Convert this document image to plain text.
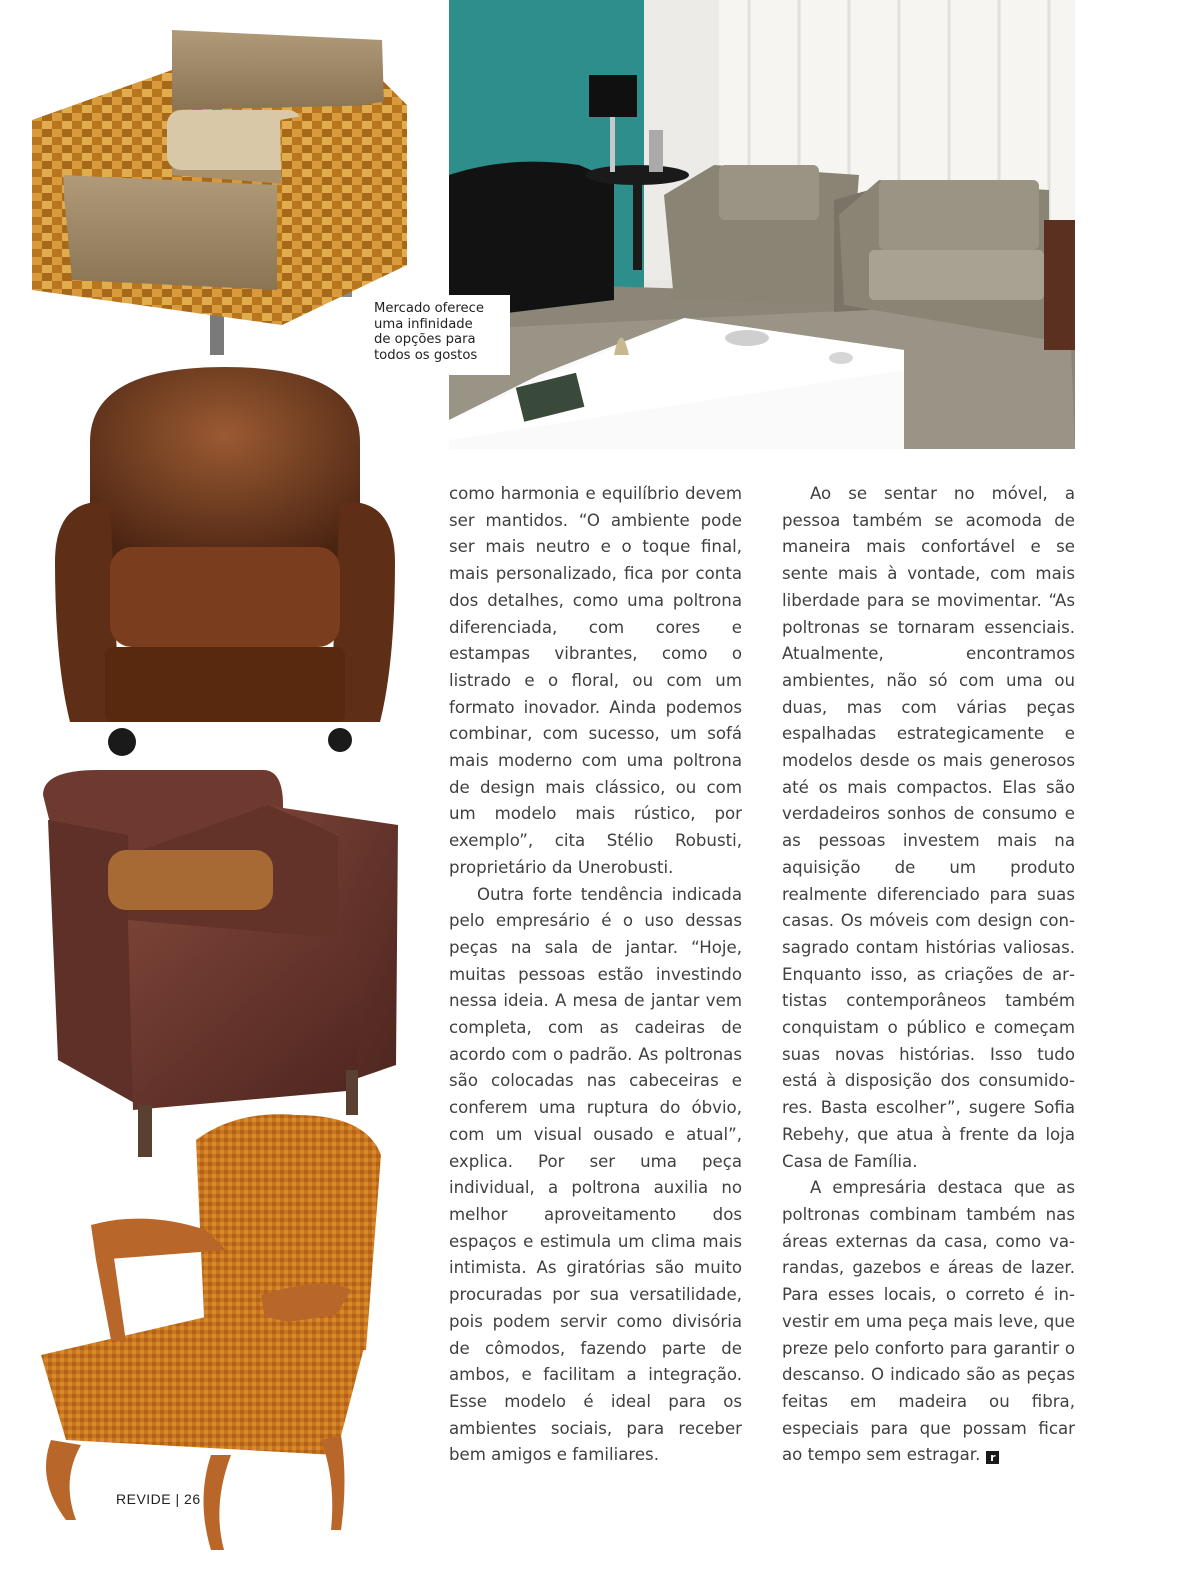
Mercado oferece
uma infinidade
de opções para
todos os gostos

como harmonia e equilíbrio devem ser mantidos. “O ambiente pode ser mais neutro e o toque final, mais personalizado, fica por conta dos detalhes, como uma poltrona diferenciada, com cores e estampas vibrantes, como o listrado e o floral, ou com um formato inovador. Ainda podemos combinar, com sucesso, um sofá mais moderno com uma poltrona de design mais clássico, ou com um modelo mais rústico, por exemplo”, cita Stélio Robusti, proprietário da Unerobusti.

Outra forte tendência indicada pelo empresário é o uso dessas peças na sala de jantar. “Hoje, muitas pessoas estão investindo nessa ideia. A mesa de jantar vem completa, com as cadeiras de acordo com o padrão. As poltronas são colocadas nas cabeceiras e conferem uma ruptura do óbvio, com um visual ousado e atual”, explica. Por ser uma peça individual, a poltrona auxilia no melhor aproveitamento dos espaços e estimula um clima mais intimista. As giratórias são muito procuradas por sua versatilidade, pois podem servir como divisória de cômodos, fazendo parte de ambos, e facilitam a integração. Esse modelo é ideal para os ambientes sociais, para receber bem amigos e familiares.

Ao se sentar no móvel, a pessoa também se acomoda de maneira mais confortável e se sente mais à vontade, com mais liberdade para se movimentar. “As poltronas se tornaram essenciais. Atualmente, encontramos ambientes, não só com uma ou duas, mas com várias peças espalhadas estrategicamente e modelos desde os mais generosos até os mais compactos. Elas são verdadeiros sonhos de consumo e as pessoas investem mais na aquisição de um produto realmente diferenciado para suas casas. Os móveis com design consagrado contam histórias valiosas. Enquanto isso, as criações de artistas contemporâneos também conquistam o público e começam suas novas histórias. Isso tudo está à disposição dos consumidores. Basta escolher”, sugere Sofia Rebehy, que atua à frente da loja Casa de Família.

A empresária destaca que as poltronas combinam também nas áreas externas da casa, como varandas, gazebos e áreas de lazer. Para esses locais, o correto é investir em uma peça mais leve, que preze pelo conforto para garantir o descanso. O indicado são as peças feitas em madeira ou fibra, especiais para que possam ficar ao tempo sem estragar. r

REVIDE | 26
